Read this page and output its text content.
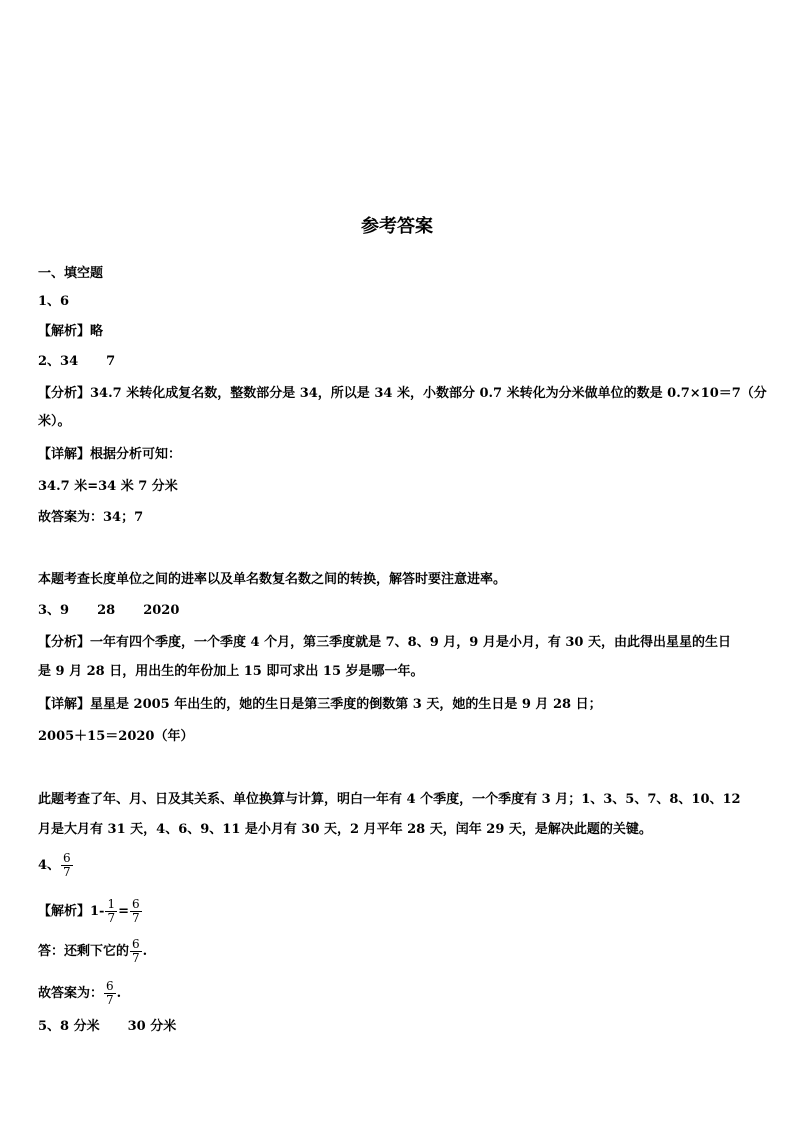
参考答案
一、填空题
1、6
【解析】略
2、34 7
【分析】34.7 米转化成复名数，整数部分是 34，所以是 34 米，小数部分 0.7 米转化为分米做单位的数是 0.7×10＝7（分
米）。
【详解】根据分析可知：
34.7 米=34 米 7 分米
故答案为：34；7
本题考查长度单位之间的进率以及单名数复名数之间的转换，解答时要注意进率。
3、9 28 2020
【分析】一年有四个季度，一个季度 4 个月，第三季度就是 7、8、9 月，9 月是小月，有 30 天，由此得出星星的生日
是 9 月 28 日，用出生的年份加上 15 即可求出 15 岁是哪一年。
【详解】星星是 2005 年出生的，她的生日是第三季度的倒数第 3 天，她的生日是 9 月 28 日；
2005＋15＝2020（年）
此题考查了年、月、日及其关系、单位换算与计算，明白一年有 4 个季度，一个季度有 3 月；1、3、5、7、8、10、12
月是大月有 31 天，4、6、9、11 是小月有 30 天，2 月平年 28 天，闰年 29 天，是解决此题的关键。
4、 $\frac{6}{7}$
【解析】$1- \frac{1}{7} = \frac{6}{7}$
答：还剩下它的 $\frac{6}{7}$ .
故答案为： $\frac{6}{7}$ .
5、8 分米 30 分米
